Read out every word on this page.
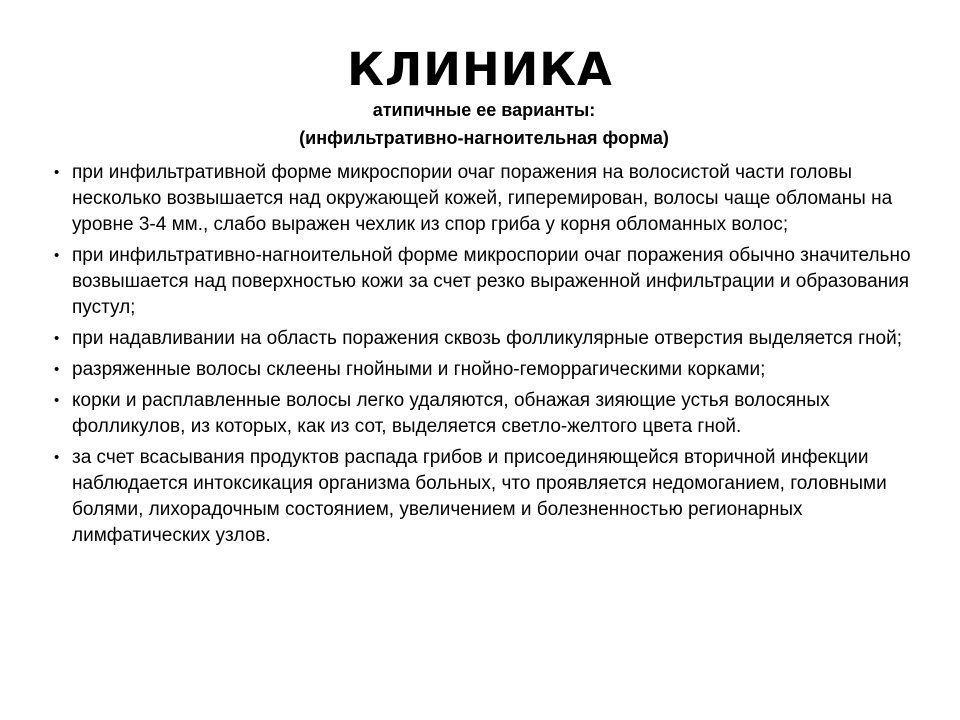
КЛИНИКА
атипичные ее варианты:
(инфильтративно-нагноительная форма)
• при инфильтративной форме микроспории очаг поражения на волосистой части головы несколько возвышается над окружающей кожей, гиперемирован, волосы чаще обломаны на уровне 3-4 мм., слабо выражен чехлик из спор гриба у корня обломанных волос;
• при инфильтративно-нагноительной форме микроспории очаг поражения обычно значительно возвышается над поверхностью кожи за счет резко выраженной инфильтрации и образования пустул;
• при надавливании на область поражения сквозь фолликулярные отверстия выделяется гной;
• разряженные волосы склеены гнойными и гнойно-геморрагическими корками;
• корки и расплавленные волосы легко удаляются, обнажая зияющие устья волосяных фолликулов, из которых, как из сот, выделяется светло-желтого цвета гной.
• за счет всасывания продуктов распада грибов и присоединяющейся вторичной инфекции наблюдается интоксикация организма больных, что проявляется недомоганием, головными болями, лихорадочным состоянием, увеличением и болезненностью регионарных лимфатических узлов.
